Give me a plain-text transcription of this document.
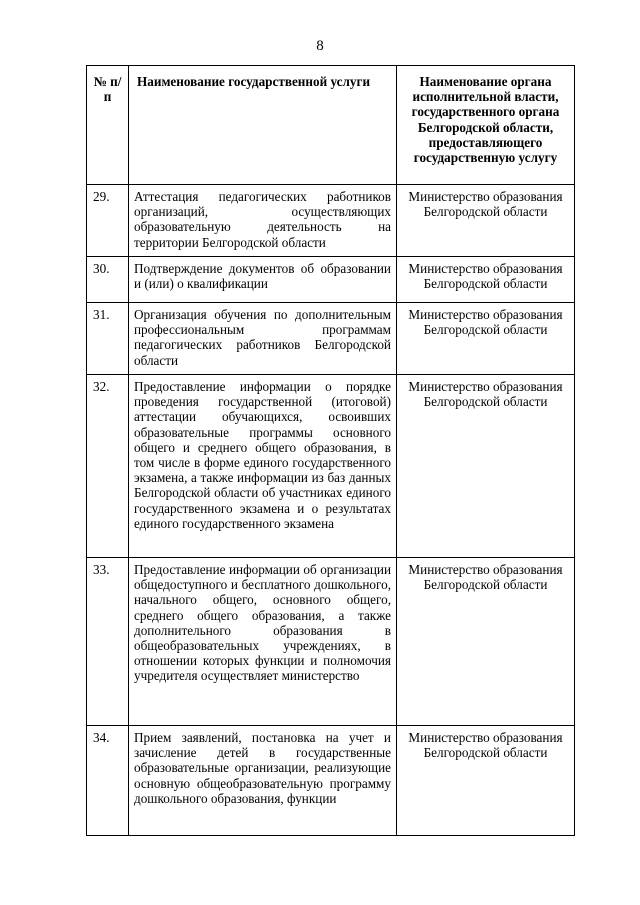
8
№ п/п	Наименование государственной услуги	Наименование органа исполнительной власти, государственного органа Белгородской области, предоставляющего государственную услугу
29.	Аттестация педагогических работников организаций, осуществляющих образовательную деятельность на территории Белгородской области	Министерство образования Белгородской области
30.	Подтверждение документов об образовании и (или) о квалификации	Министерство образования Белгородской области
31.	Организация обучения по дополнительным профессиональным программам педагогических работников Белгородской области	Министерство образования Белгородской области
32.	Предоставление информации о порядке проведения государственной (итоговой) аттестации обучающихся, освоивших образовательные программы основного общего и среднего общего образования, в том числе в форме единого государственного экзамена, а также информации из баз данных Белгородской области об участниках единого государственного экзамена и о результатах единого государственного экзамена	Министерство образования Белгородской области
33.	Предоставление информации об организации общедоступного и бесплатного дошкольного, начального общего, основного общего, среднего общего образования, а также дополнительного образования в общеобразовательных учреждениях, в отношении которых функции и полномочия учредителя осуществляет министерство	Министерство образования Белгородской области
34.	Прием заявлений, постановка на учет и зачисление детей в государственные образовательные организации, реализующие основную общеобразовательную программу дошкольного образования, функции	Министерство образования Белгородской области
